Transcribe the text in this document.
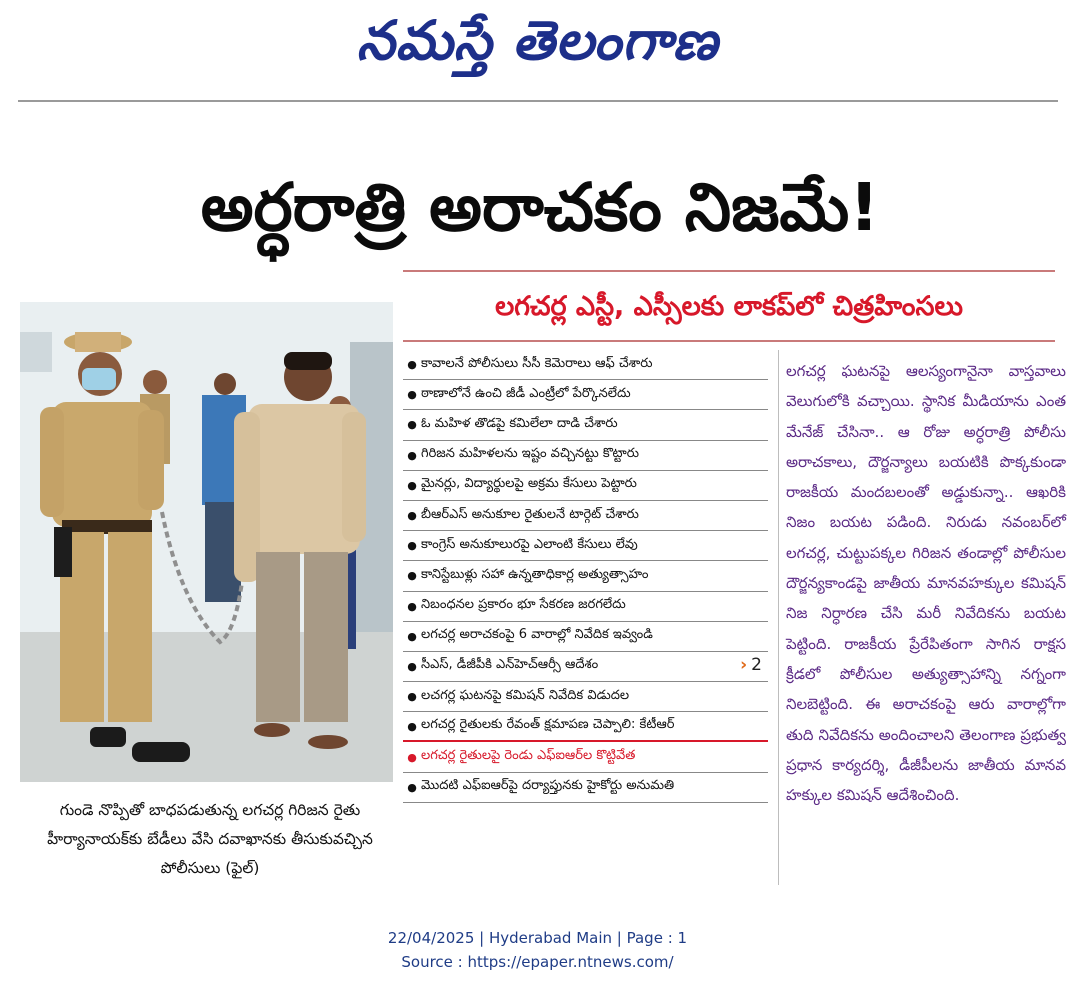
నమస్తే తెలంగాణ
అర్ధరాత్రి అరాచకం నిజమే!
లగచర్ల ఎస్టీ, ఎస్సీలకు లాకప్‌లో చిత్రహింసలు
గుండె నొప్పితో బాధపడుతున్న లగచర్ల గిరిజన రైతు హీర్యానాయక్‌కు బేడీలు వేసి దవాఖానకు తీసుకువచ్చిన పోలీసులు (ఫైల్‌)
● కావాలనే పోలీసులు సీసీ కెమెరాలు ఆఫ్‌ చేశారు
● ఠాణాలోనే ఉంచి జీడీ ఎంట్రీలో పేర్కొనలేదు
● ఓ మహిళ తొడపై కమిలేలా దాడి చేశారు
● గిరిజన మహిళలను ఇష్టం వచ్చినట్టు కొట్టారు
● మైనర్లు, విద్యార్థులపై అక్రమ కేసులు పెట్టారు
● బీఆర్‌ఎస్‌ అనుకూల రైతులనే టార్గెట్‌ చేశారు
● కాంగ్రెస్‌ అనుకూలురపై ఎలాంటి కేసులు లేవు
● కానిస్టేబుళ్లు సహా ఉన్నతాధికార్ల అత్యుత్సాహం
● నిబంధనల ప్రకారం భూ సేకరణ జరగలేదు
● లగచర్ల అరాచకంపై 6 వారాల్లో నివేదిక ఇవ్వండి
● సీఎస్‌, డీజీపీకి ఎన్‌హెచ్‌ఆర్సీ ఆదేశం	› 2
● లచగర్ల ఘటనపై కమిషన్‌ నివేదిక విడుదల
● లగచర్ల రైతులకు రేవంత్‌ క్షమాపణ చెప్పాలి: కేటీఆర్‌
● లగచర్ల రైతులపై రెండు ఎఫ్‌ఐఆర్‌ల కొట్టివేత
● మొదటి ఎఫ్‌ఐఆర్‌పై దర్యాప్తునకు హైకోర్టు అనుమతి
లగచర్ల ఘటనపై ఆలస్యంగానైనా వాస్తవాలు వెలుగులోకి వచ్చాయి. స్థానిక మీడియాను ఎంత మేనేజ్‌ చేసినా.. ఆ రోజు అర్ధరాత్రి పోలీసు అరాచకాలు, దౌర్జన్యాలు బయటికి పొక్కకుండా రాజకీయ మందబలంతో అడ్డుకున్నా.. ఆఖరికి నిజం బయట పడింది. నిరుడు నవంబర్‌లో లగచర్ల, చుట్టుపక్కల గిరిజన తండాల్లో పోలీసుల దౌర్జన్యకాండపై జాతీయ మానవహక్కుల కమిషన్‌ నిజ నిర్ధారణ చేసి మరీ నివేదికను బయట పెట్టింది. రాజకీయ ప్రేరేపితంగా సాగిన రాక్షస క్రీడలో పోలీసుల అత్యుత్సాహాన్ని నగ్నంగా నిలబెట్టింది. ఈ అరాచకంపై ఆరు వారాల్లోగా తుది నివేదికను అందించాలని తెలంగాణ ప్రభుత్వ ప్రధాన కార్యదర్శి, డీజీపీలను జాతీయ మానవ హక్కుల కమిషన్‌ ఆదేశించింది.
22/04/2025 | Hyderabad Main | Page : 1
Source : https://epaper.ntnews.com/
